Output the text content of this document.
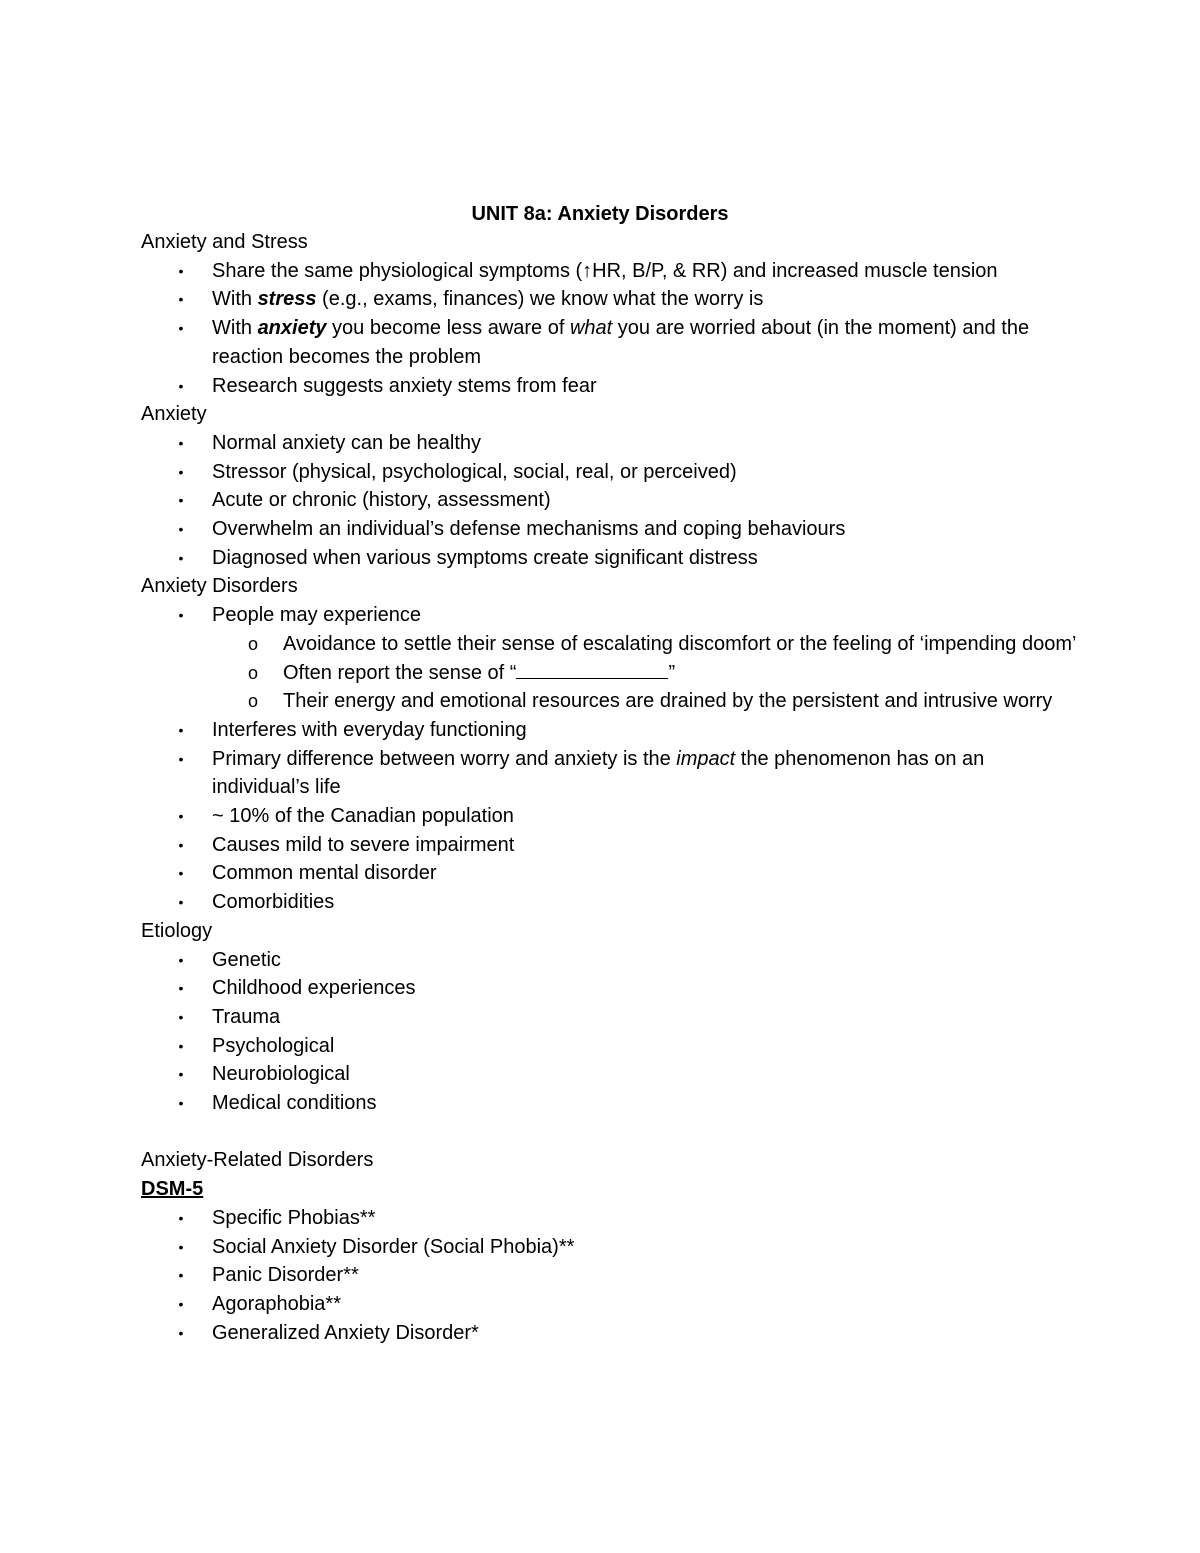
UNIT 8a: Anxiety Disorders
Anxiety and Stress
• Share the same physiological symptoms (↑HR, B/P, & RR) and increased muscle tension
• With stress (e.g., exams, finances) we know what the worry is
• With anxiety you become less aware of what you are worried about (in the moment) and the reaction becomes the problem
• Research suggests anxiety stems from fear
Anxiety
• Normal anxiety can be healthy
• Stressor (physical, psychological, social, real, or perceived)
• Acute or chronic (history, assessment)
• Overwhelm an individual’s defense mechanisms and coping behaviours
• Diagnosed when various symptoms create significant distress
Anxiety Disorders
• People may experience
o Avoidance to settle their sense of escalating discomfort or the feeling of ‘impending doom’
o Often report the sense of “	”
o Their energy and emotional resources are drained by the persistent and intrusive worry
• Interferes with everyday functioning
• Primary difference between worry and anxiety is the impact the phenomenon has on an individual’s life
• ~ 10% of the Canadian population
• Causes mild to severe impairment
• Common mental disorder
• Comorbidities
Etiology
• Genetic
• Childhood experiences
• Trauma
• Psychological
• Neurobiological
• Medical conditions
Anxiety-Related Disorders
DSM-5
• Specific Phobias**
• Social Anxiety Disorder (Social Phobia)**
• Panic Disorder**
• Agoraphobia**
• Generalized Anxiety Disorder*
